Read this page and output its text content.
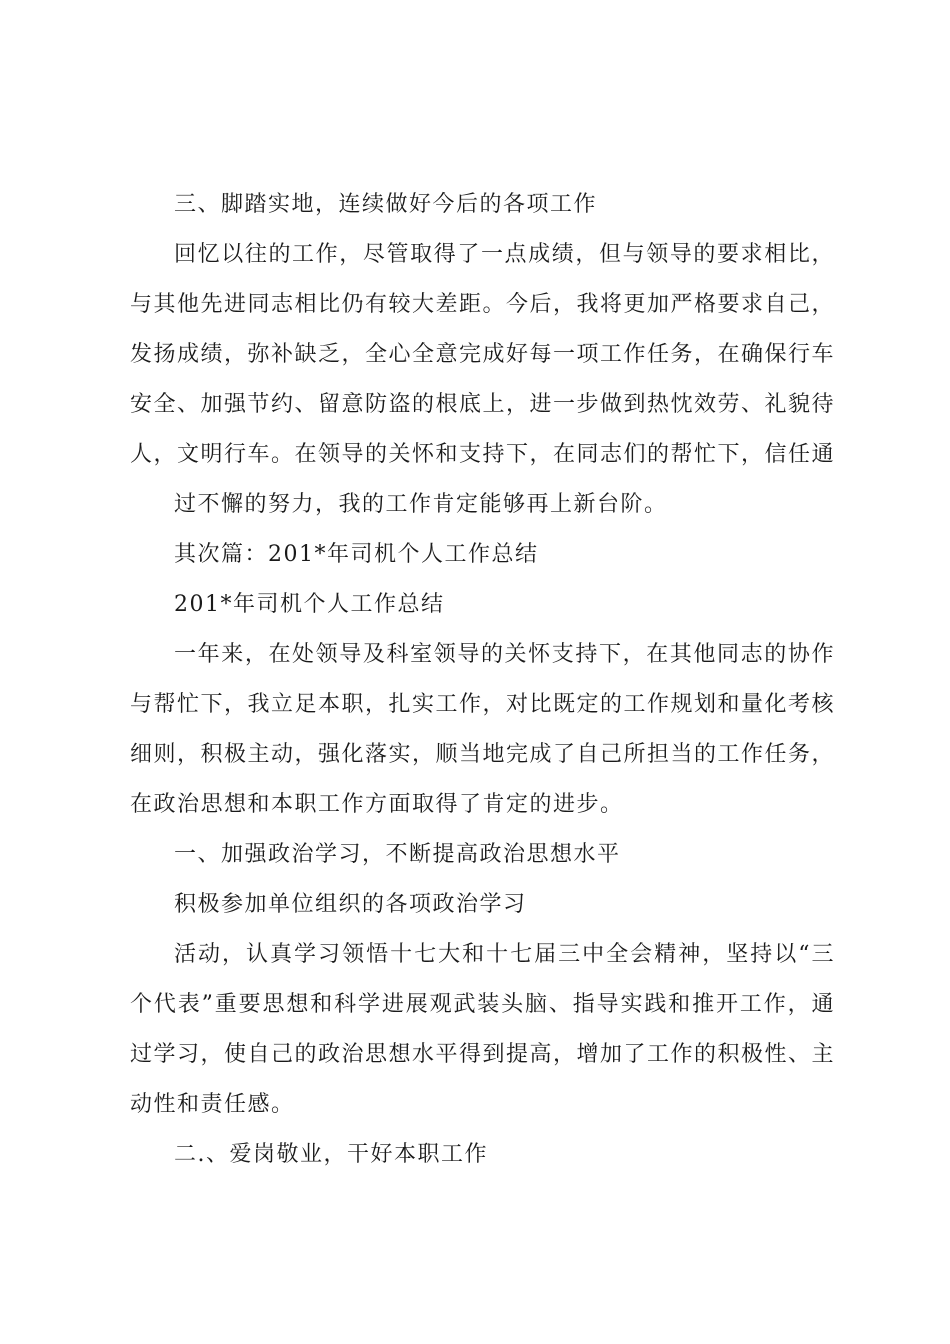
三、脚踏实地，连续做好今后的各项工作

回忆以往的工作，尽管取得了一点成绩，但与领导的要求相比，与其他先进同志相比仍有较大差距。今后，我将更加严格要求自己，发扬成绩，弥补缺乏，全心全意完成好每一项工作任务，在确保行车安全、加强节约、留意防盗的根底上，进一步做到热忱效劳、礼貌待人，文明行车。在领导的关怀和支持下，在同志们的帮忙下，信任通

过不懈的努力，我的工作肯定能够再上新台阶。

其次篇：201*年司机个人工作总结

201*年司机个人工作总结

一年来，在处领导及科室领导的关怀支持下，在其他同志的协作与帮忙下，我立足本职，扎实工作，对比既定的工作规划和量化考核细则，积极主动，强化落实，顺当地完成了自己所担当的工作任务，在政治思想和本职工作方面取得了肯定的进步。

一、加强政治学习，不断提高政治思想水平

积极参加单位组织的各项政治学习

活动，认真学习领悟十七大和十七届三中全会精神，坚持以“三个代表”重要思想和科学进展观武装头脑、指导实践和推开工作，通过学习，使自己的政治思想水平得到提高，增加了工作的积极性、主动性和责任感。

二.、爱岗敬业，干好本职工作
